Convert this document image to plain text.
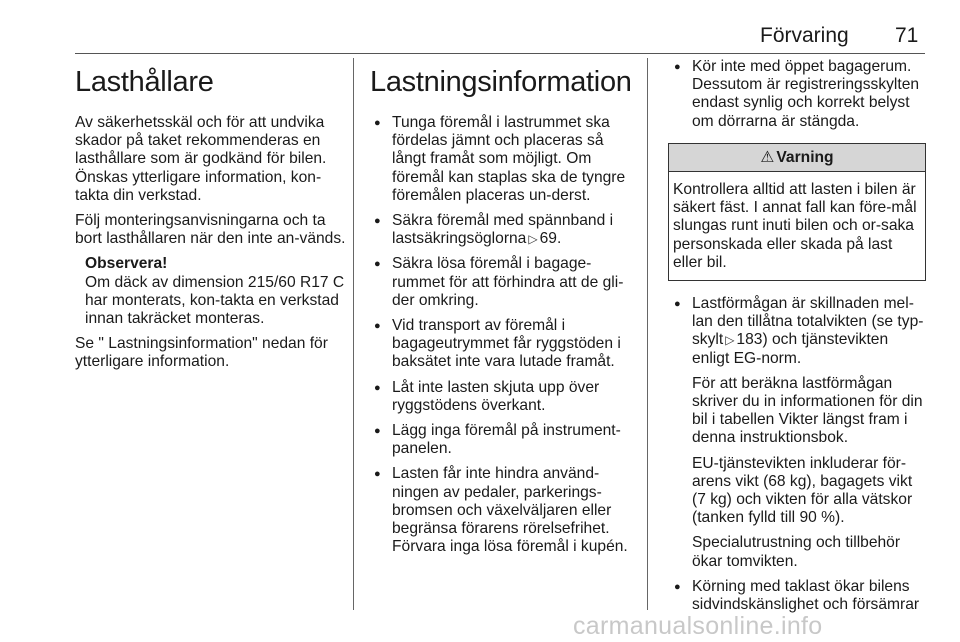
Förvaring 71
Lasthållare

Av säkerhetsskäl och för att undvika skador på taket rekommenderas en lasthållare som är godkänd för bilen. Önskas ytterligare information, kon-takta din verkstad.

Följ monteringsanvisningarna och ta bort lasthållaren när den inte an-vänds.

Observera!

Om däck av dimension 215/60 R17 C har monterats, kon-takta en verkstad innan takräcket monteras.

Se " Lastningsinformation" nedan för ytterligare information.

Lastningsinformation
● Tunga föremål i lastrummet ska fördelas jämnt och placeras så långt framåt som möjligt. Om föremål kan staplas ska de tyngre föremålen placeras un-derst.
● Säkra föremål med spännband i lastsäkringsöglorna ▷ 69.
● Säkra lösa föremål i bagage-rummet för att förhindra att de gli-der omkring.
● Vid transport av föremål i bagageutrymmet får ryggstöden i baksätet inte vara lutade framåt.
● Låt inte lasten skjuta upp över ryggstödens överkant.
● Lägg inga föremål på instrument-panelen.
● Lasten får inte hindra använd-ningen av pedaler, parkerings-bromsen och växelväljaren eller begränsa förarens rörelsefrihet. Förvara inga lösa föremål i kupén.
● Kör inte med öppet bagagerum. Dessutom är registreringsskylten endast synlig och korrekt belyst om dörrarna är stängda.
⚠ Varning
Kontrollera alltid att lasten i bilen är säkert fäst. I annat fall kan före-mål slungas runt inuti bilen och or-saka personskada eller skada på last eller bil.
● Lastförmågan är skillnaden mel-lan den tillåtna totalvikten (se typ-skylt ▷ 183) och tjänstevikten enligt EG-norm.

För att beräkna lastförmågan skriver du in informationen för din bil i tabellen Vikter längst fram i denna instruktionsbok.

EU-tjänstevikten inkluderar för-arens vikt (68 kg), bagagets vikt (7 kg) och vikten för alla vätskor (tanken fylld till 90 %).

Specialutrustning och tillbehör ökar tomvikten.

● Körning med taklast ökar bilens sidvindskänslighet och försämrar
carmanualsonline.info
